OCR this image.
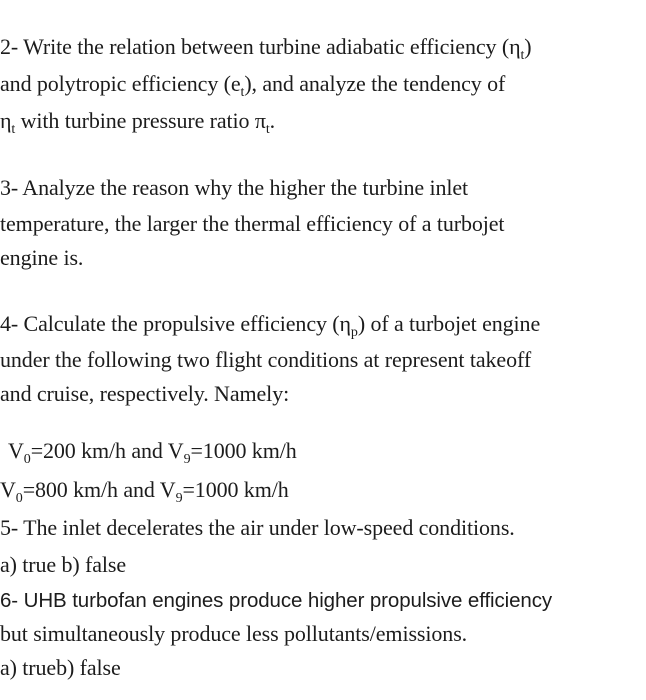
2- Write the relation between turbine adiabatic efficiency $(\eta_t)$
and polytropic efficiency $(e_t)$, and analyze the tendency of
$\eta_t$ with turbine pressure ratio $\pi_t$.
3- Analyze the reason why the higher the turbine inlet
temperature, the larger the thermal efficiency of a turbojet
engine is.
4- Calculate the propulsive efficiency $(\eta_p)$ of a turbojet engine
under the following two flight conditions at represent takeoff
and cruise, respectively. Namely:
$V_0=200$ km/h and $V_9=1000$ km/h
$V_0=800$ km/h and $V_9=1000$ km/h
5- The inlet decelerates the air under low-speed conditions.
a) true b) false
6- UHB turbofan engines produce higher propulsive efficiency
but simultaneously produce less pollutants/emissions.
a) trueb) false
